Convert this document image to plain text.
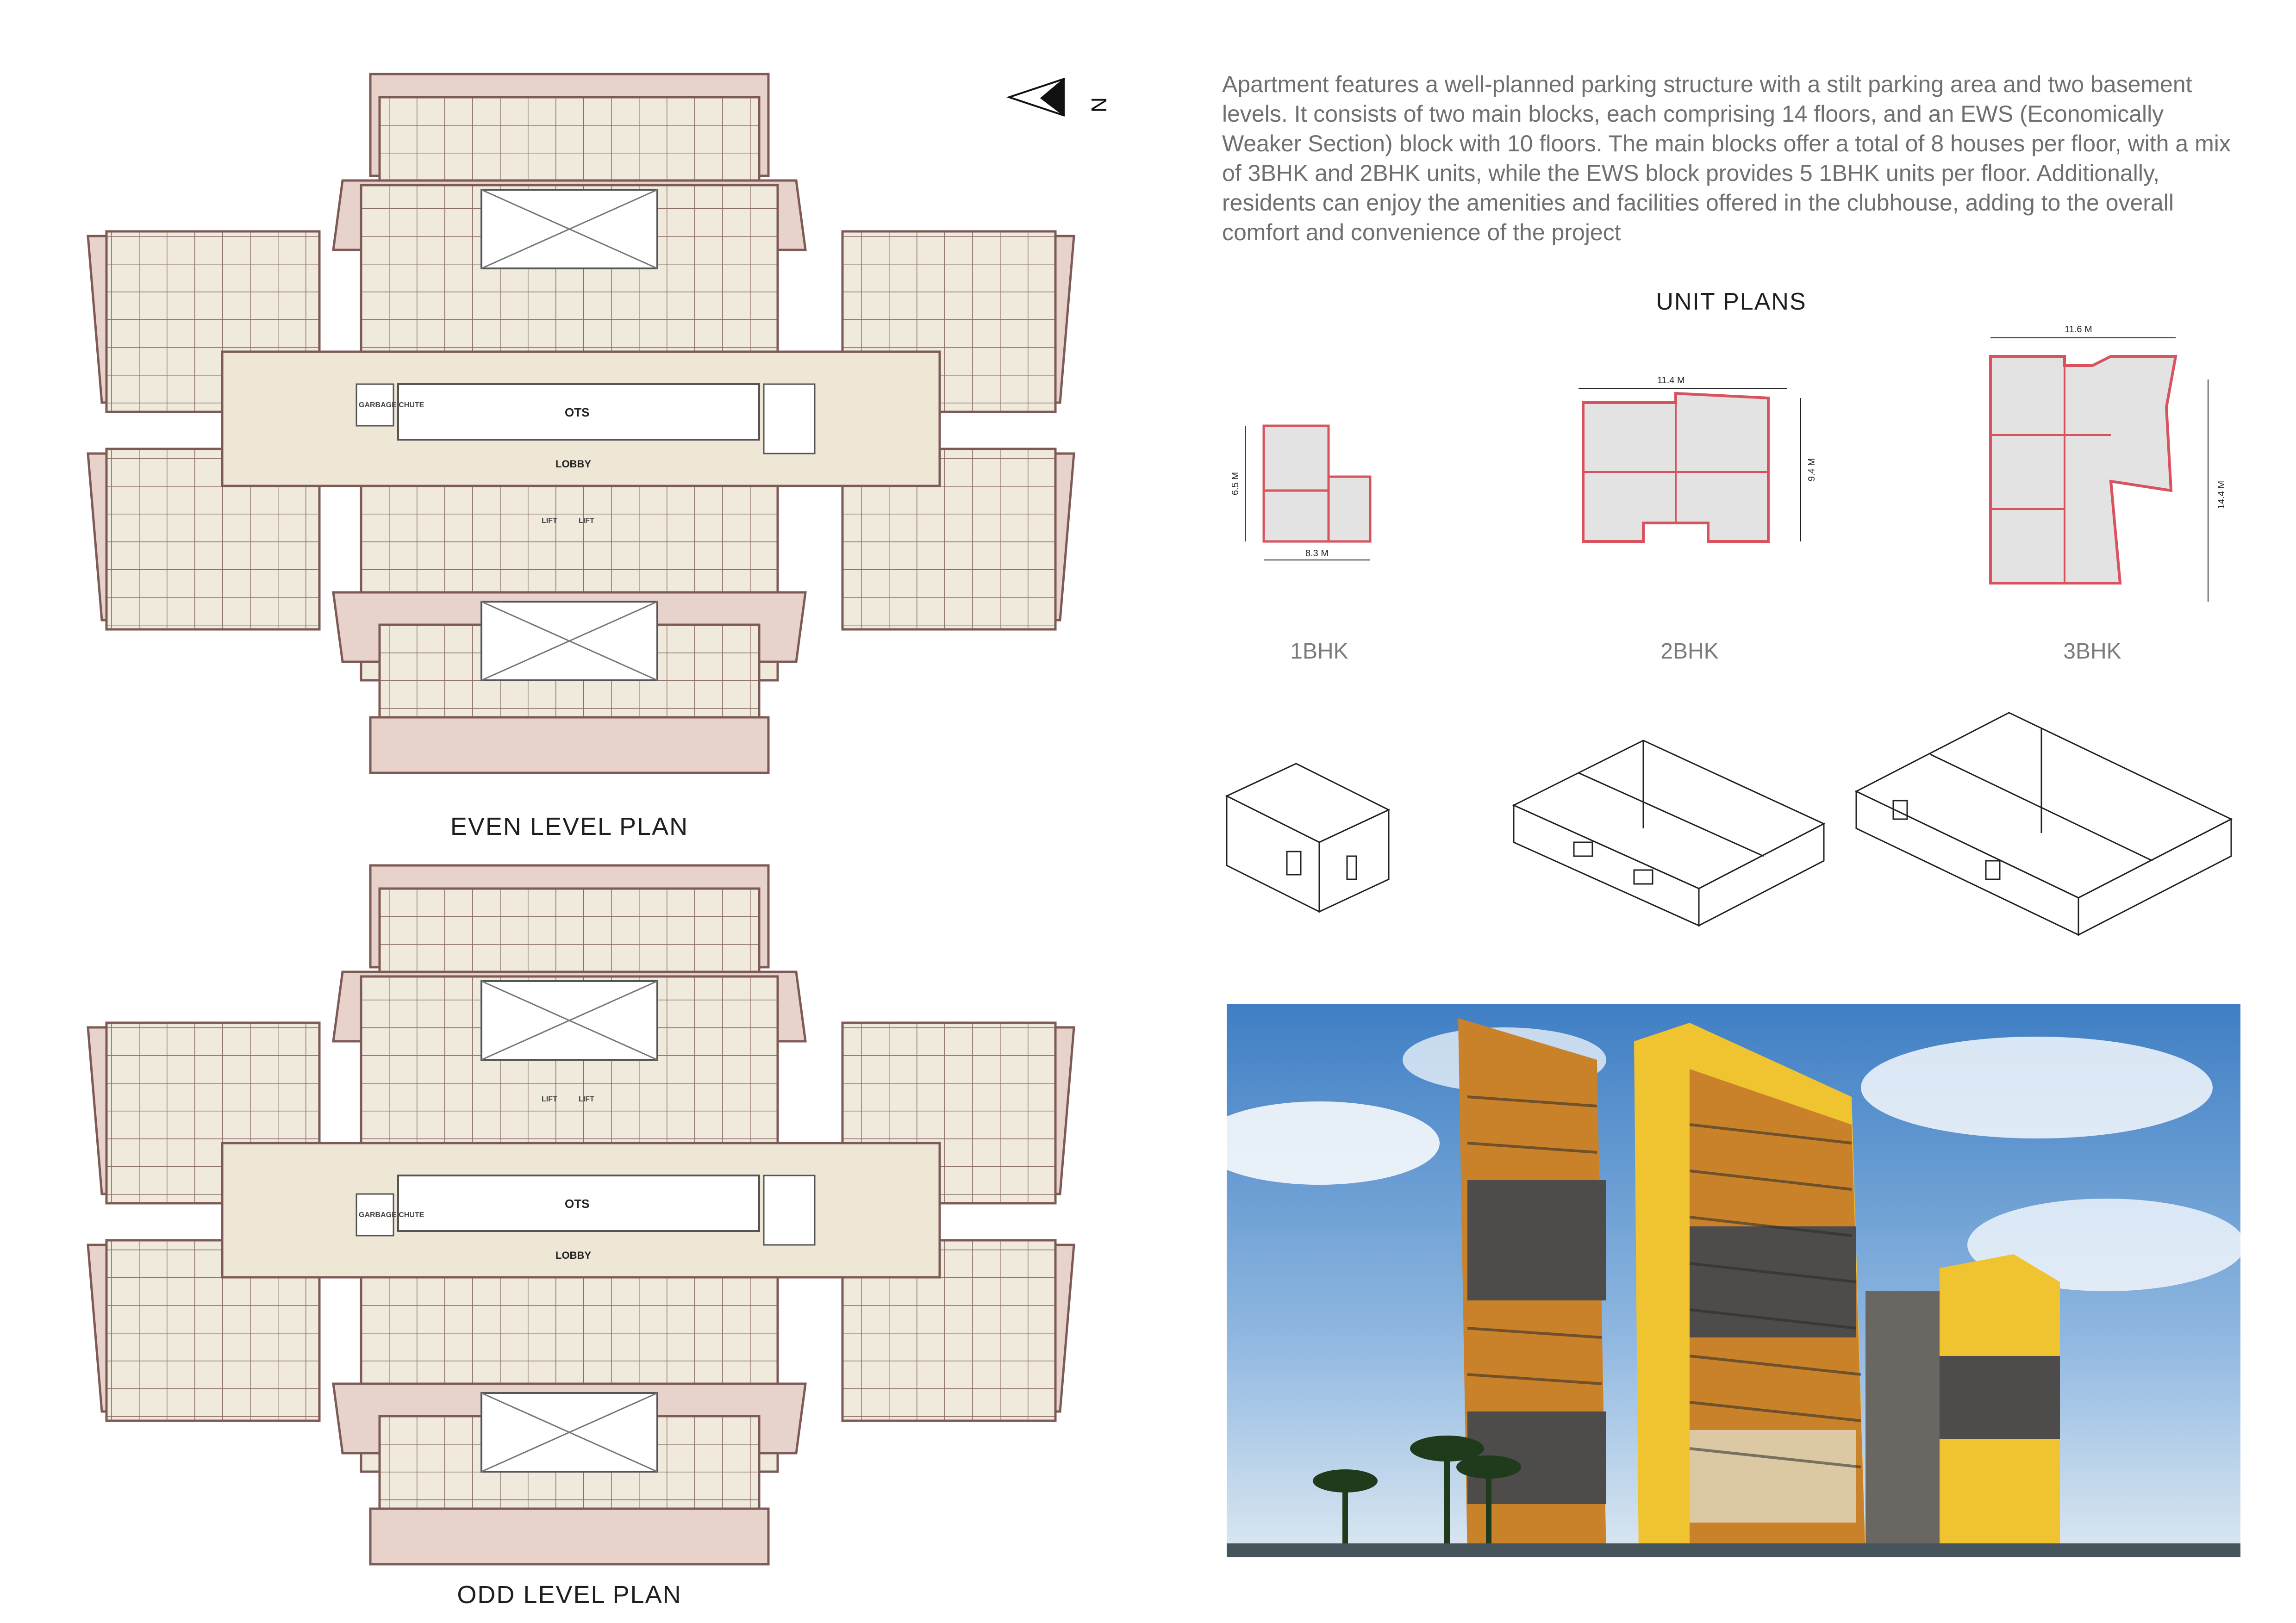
Apartment features a well-planned parking structure with a stilt parking area and two basement levels. It consists of two main blocks, each comprising 14 floors, and an EWS (Economically Weaker Section) block with 10 floors. The main blocks offer a total of 8 houses per floor, with a mix of 3BHK and 2BHK units, while the EWS block provides 5 1BHK units per floor. Additionally, residents can enjoy the amenities and facilities offered in the clubhouse, adding to the overall comfort and convenience of the project
N
OTS
LOBBY
GARBAGE CHUTE
LIFT	LIFT
EVEN LEVEL PLAN
OTS
LOBBY
GARBAGE CHUTE
LIFT	LIFT
ODD LEVEL PLAN
UNIT PLANS
6.5 M
8.3 M
1BHK
11.4 M
9.4 M
2BHK
11.6 M
14.4 M
3BHK
